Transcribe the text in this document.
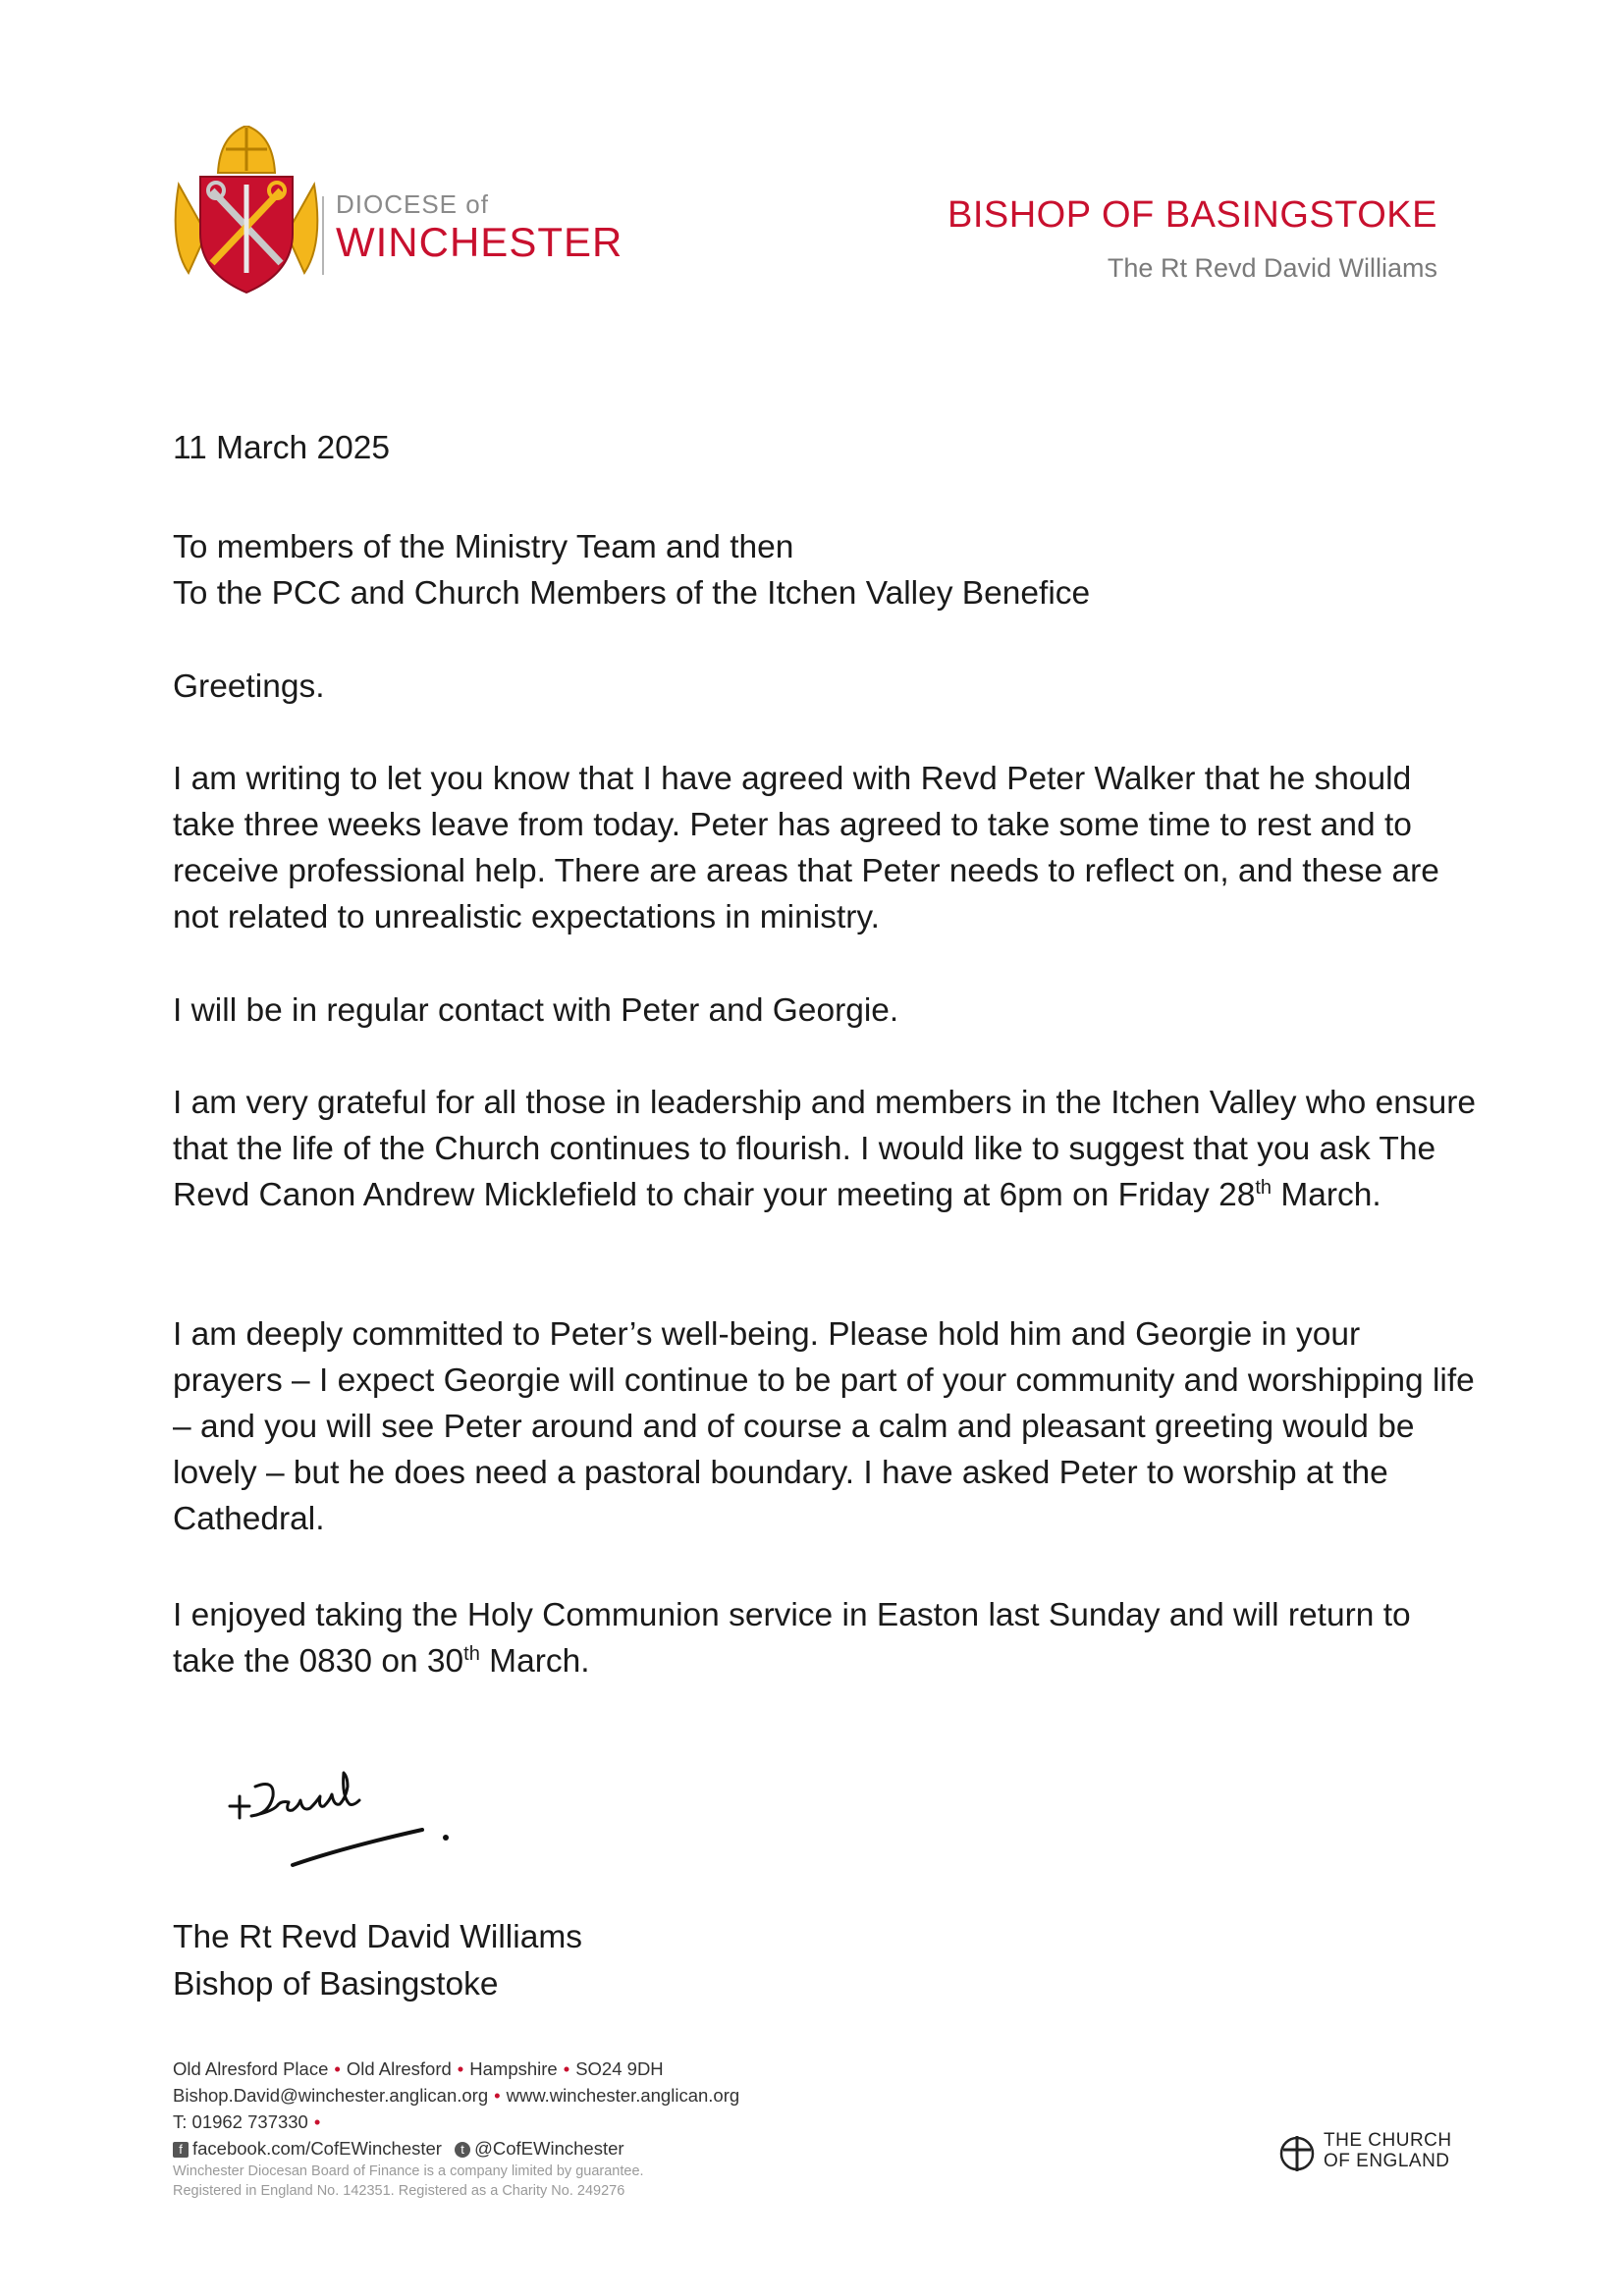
DIOCESE of
WINCHESTER
BISHOP OF BASINGSTOKE
The Rt Revd David Williams
11 March 2025
To members of the Ministry Team and then
To the PCC and Church Members of the Itchen Valley Benefice
Greetings.
I am writing to let you know that I have agreed with Revd Peter Walker that he should take three weeks leave from today. Peter has agreed to take some time to rest and to receive professional help. There are areas that Peter needs to reflect on, and these are not related to unrealistic expectations in ministry.
I will be in regular contact with Peter and Georgie.
I am very grateful for all those in leadership and members in the Itchen Valley who ensure that the life of the Church continues to flourish. I would like to suggest that you ask The Revd Canon Andrew Micklefield to chair your meeting at 6pm on Friday 28th March.
I am deeply committed to Peter’s well-being. Please hold him and Georgie in your prayers – I expect Georgie will continue to be part of your community and worshipping life – and you will see Peter around and of course a calm and pleasant greeting would be lovely – but he does need a pastoral boundary. I have asked Peter to worship at the Cathedral.
I enjoyed taking the Holy Communion service in Easton last Sunday and will return to take the 0830 on 30th March.
The Rt Revd David Williams
Bishop of Basingstoke
Old Alresford Place • Old Alresford • Hampshire • SO24 9DH
Bishop.David@winchester.anglican.org • www.winchester.anglican.org
T: 01962 737330 •
f facebook.com/CofEWinchester t @CofEWinchester
Winchester Diocesan Board of Finance is a company limited by guarantee.
Registered in England No. 142351. Registered as a Charity No. 249276
THE CHURCH
OF ENGLAND
